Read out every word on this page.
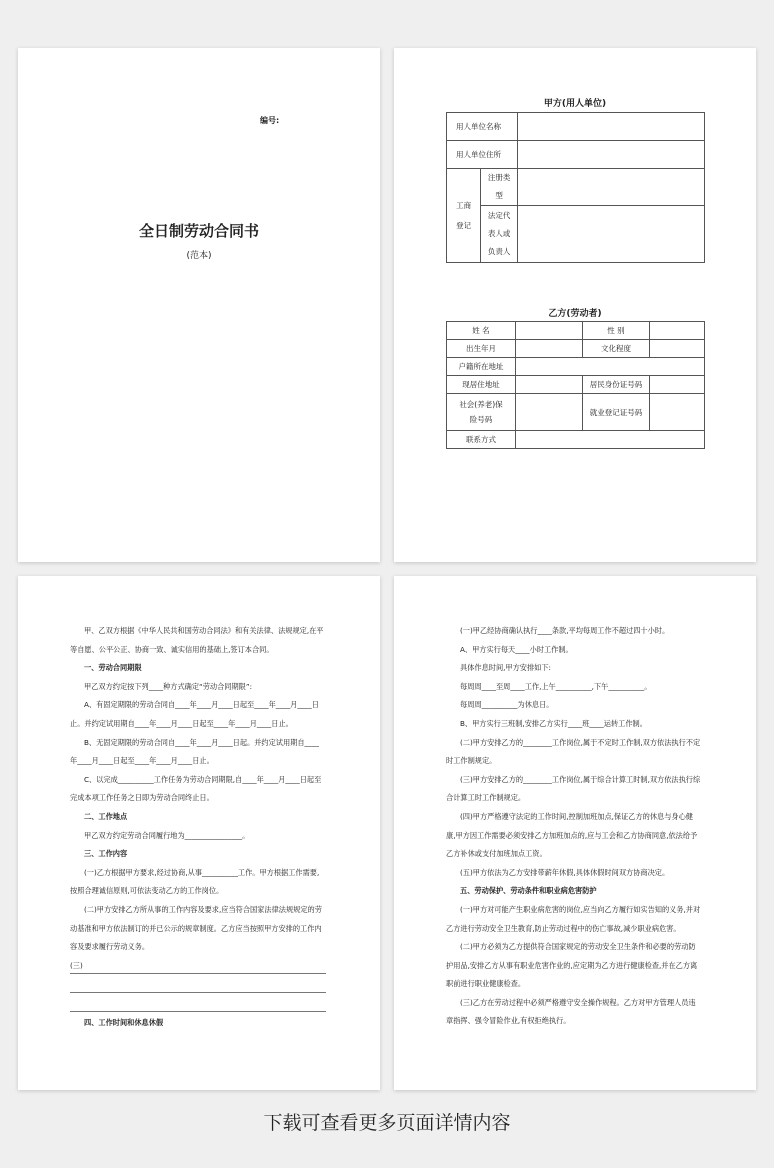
编号:
全日制劳动合同书
(范本)
甲方(用人单位)
用人单位名称		
用人单位住所		
工商登记	注册类型	
	法定代表人或负责人	
乙方(劳动者)
姓 名		性 别	
出生年月		文化程度	
户籍所在地址			
现居住地址		居民身份证号码	
社会(养老)保险号码		就业登记证号码	
联系方式			

甲、乙双方根据《中华人民共和国劳动合同法》和有关法律、法规规定,在平等自愿、公平公正、协商一致、诚实信用的基础上,签订本合同。

一、劳动合同期限

甲乙双方约定按下列____种方式确定“劳动合同期限”:

A、有固定期限的劳动合同自____年____月____日起至____年____月____日止。并约定试用期自____年____月____日起至____年____月____日止。

B、无固定期限的劳动合同自____年____月____日起。并约定试用期自____年____月____日起至____年____月____日止。

C、以完成__________工作任务为劳动合同期限,自____年____月____日起至完成本项工作任务之日即为劳动合同终止日。

二、工作地点

甲乙双方约定劳动合同履行地为________________。

三、工作内容

(一)乙方根据甲方要求,经过协商,从事__________工作。甲方根据工作需要,按照合理诚信原则,可依法变动乙方的工作岗位。

(二)甲方安排乙方所从事的工作内容及要求,应当符合国家法律法规规定的劳动基准和甲方依法制订的并已公示的规章制度。乙方应当按照甲方安排的工作内容及要求履行劳动义务。

(三)

四、工作时间和休息休假

(一)甲乙经协商确认执行____条款,平均每周工作不超过四十小时。

A、甲方实行每天____小时工作制。

具体作息时间,甲方安排如下:

每周周____至周____工作,上午__________,下午__________。

每周周__________为休息日。

B、甲方实行三班制,安排乙方实行____班____运转工作制。

(二)甲方安排乙方的________工作岗位,属于不定时工作制,双方依法执行不定时工作制规定。

(三)甲方安排乙方的________工作岗位,属于综合计算工时制,双方依法执行综合计算工时工作制规定。

(四)甲方严格遵守法定的工作时间,控制加班加点,保证乙方的休息与身心健康,甲方因工作需要必须安排乙方加班加点的,应与工会和乙方协商同意,依法给予乙方补休或支付加班加点工资。

(五)甲方依法为乙方安排带薪年休假,具体休假时间双方协商决定。

五、劳动保护、劳动条件和职业病危害防护

(一)甲方对可能产生职业病危害的岗位,应当向乙方履行如实告知的义务,并对乙方进行劳动安全卫生教育,防止劳动过程中的伤亡事故,减少职业病危害。

(二)甲方必须为乙方提供符合国家规定的劳动安全卫生条件和必要的劳动防护用品,安排乙方从事有职业危害作业的,应定期为乙方进行健康检查,并在乙方离职前进行职业健康检查。

(三)乙方在劳动过程中必须严格遵守安全操作规程。乙方对甲方管理人员违章指挥、强令冒险作业,有权拒绝执行。

下载可查看更多页面详情内容
